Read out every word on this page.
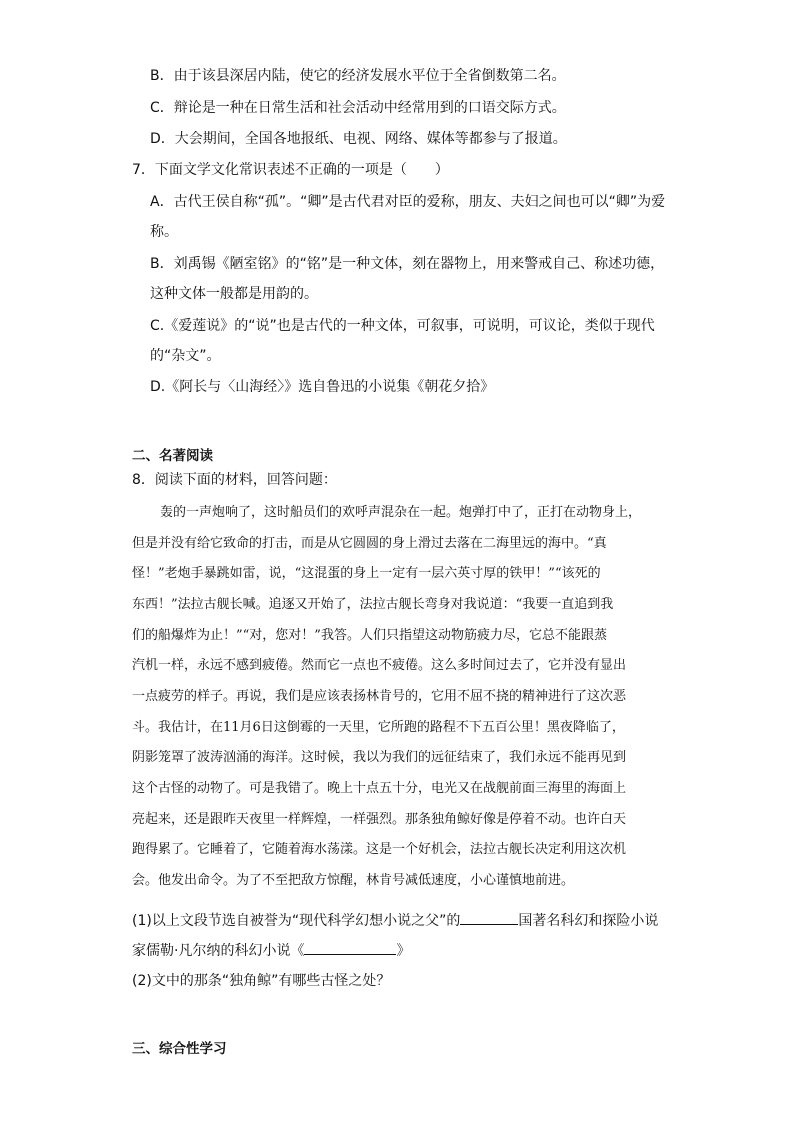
B．由于该县深居内陆，使它的经济发展水平位于全省倒数第二名。
C．辩论是一种在日常生活和社会活动中经常用到的口语交际方式。
D．大会期间，全国各地报纸、电视、网络、媒体等都参与了报道。
7．下面文学文化常识表述不正确的一项是（　　）
A．古代王侯自称“孤”。“卿”是古代君对臣的爱称，朋友、夫妇之间也可以“卿”为爱
称。
B．刘禹锡《陋室铭》的“铭”是一种文体，刻在器物上，用来警戒自己、称述功德，
这种文体一般都是用韵的。
C.《爱莲说》的“说”也是古代的一种文体，可叙事，可说明，可议论，类似于现代
的“杂文”。
D.《阿长与〈山海经〉》选自鲁迅的小说集《朝花夕拾》
二、名著阅读
8．阅读下面的材料，回答问题：
轰的一声炮响了，这时船员们的欢呼声混杂在一起。炮弹打中了，正打在动物身上，
但是并没有给它致命的打击，而是从它圆圆的身上滑过去落在二海里远的海中。“真
怪！”老炮手暴跳如雷，说，“这混蛋的身上一定有一层六英寸厚的铁甲！”“该死的
东西！”法拉古舰长喊。追逐又开始了，法拉古舰长弯身对我说道：“我要一直追到我
们的船爆炸为止！”“对，您对！”我答。人们只指望这动物筋疲力尽，它总不能跟蒸
汽机一样，永远不感到疲倦。然而它一点也不疲倦。这么多时间过去了，它并没有显出
一点疲劳的样子。再说，我们是应该表扬林肯号的，它用不屈不挠的精神进行了这次恶
斗。我估计，在11月6日这倒霉的一天里，它所跑的路程不下五百公里！黑夜降临了，
阴影笼罩了波涛汹涌的海洋。这时候，我以为我们的远征结束了，我们永远不能再见到
这个古怪的动物了。可是我错了。晚上十点五十分，电光又在战舰前面三海里的海面上
亮起来，还是跟昨天夜里一样辉煌，一样强烈。那条独角鲸好像是停着不动。也许白天
跑得累了。它睡着了，它随着海水荡漾。这是一个好机会，法拉古舰长决定利用这次机
会。他发出命令。为了不至把敌方惊醒，林肯号减低速度，小心谨慎地前进。
(1)以上文段节选自被誉为“现代科学幻想小说之父”的	国著名科幻和探险小说
家儒勒·凡尔纳的科幻小说《	》
(2)文中的那条“独角鲸”有哪些古怪之处？
三、综合性学习
